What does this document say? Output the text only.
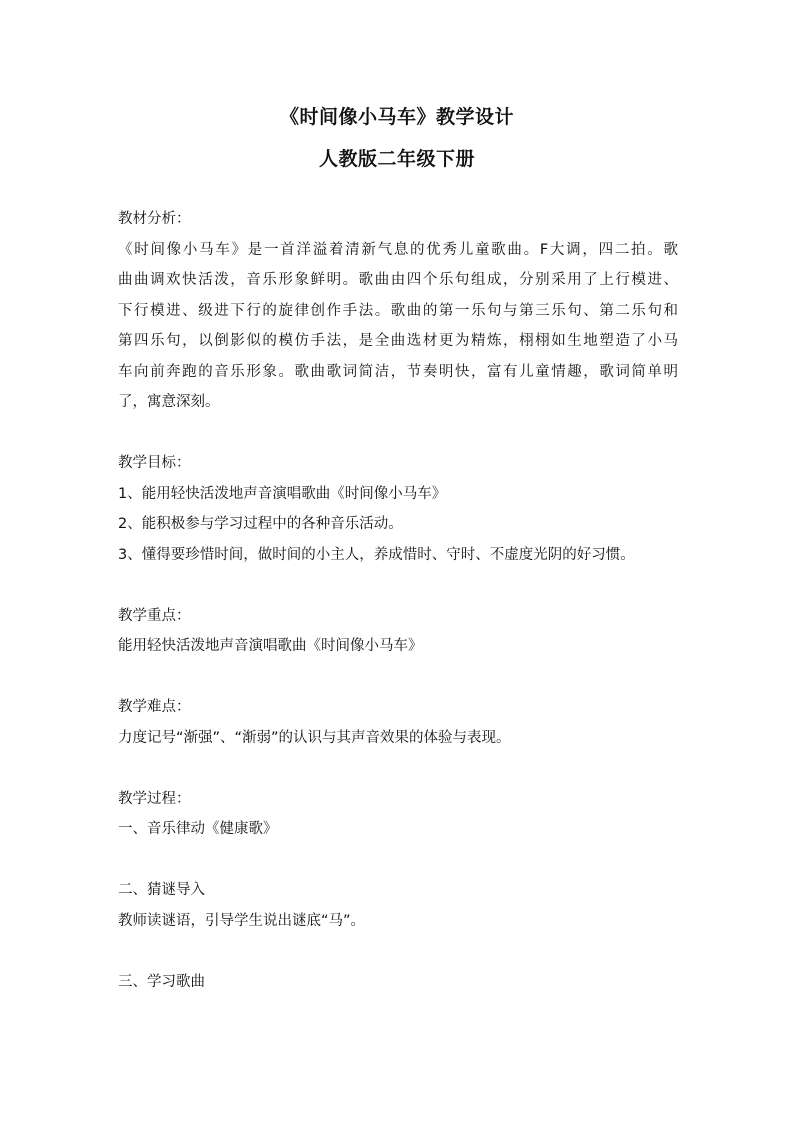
《时间像小马车》教学设计
人教版二年级下册
教材分析：
《时间像小马车》是一首洋溢着清新气息的优秀儿童歌曲。F大调，四二拍。歌
曲曲调欢快活泼，音乐形象鲜明。歌曲由四个乐句组成，分别采用了上行模进、
下行模进、级进下行的旋律创作手法。歌曲的第一乐句与第三乐句、第二乐句和
第四乐句，以倒影似的模仿手法，是全曲选材更为精炼，栩栩如生地塑造了小马
车向前奔跑的音乐形象。歌曲歌词简洁，节奏明快，富有儿童情趣，歌词简单明
了，寓意深刻。
教学目标：
1、能用轻快活泼地声音演唱歌曲《时间像小马车》
2、能积极参与学习过程中的各种音乐活动。
3、懂得要珍惜时间，做时间的小主人，养成惜时、守时、不虚度光阴的好习惯。
教学重点：
能用轻快活泼地声音演唱歌曲《时间像小马车》
教学难点：
力度记号“渐强”、“渐弱”的认识与其声音效果的体验与表现。
教学过程：
一、音乐律动《健康歌》
二、猜谜导入
教师读谜语，引导学生说出谜底“马”。
三、学习歌曲
